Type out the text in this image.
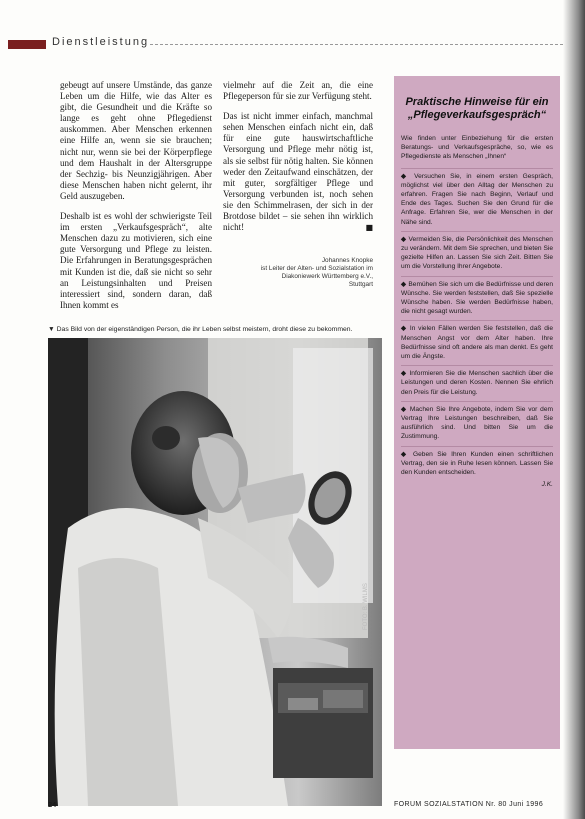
Dienstleistung

gebeugt auf unsere Umstände, das ganze Leben um die Hilfe, wie das Alter es gibt, die Gesundheit und die Kräfte so lange es geht ohne Pflegedienst auskommen. Aber Menschen erkennen eine Hilfe an, wenn sie sie brauchen; nicht nur, wenn sie bei der Körperpflege und dem Haushalt in der Altersgruppe der Sechzig- bis Neunzigjährigen. Aber diese Menschen haben nicht gelernt, ihr Geld auszugeben.

Deshalb ist es wohl der schwierigste Teil im ersten „Verkaufsgespräch“, alte Menschen dazu zu motivieren, sich eine gute Versorgung und Pflege zu leisten. Die Erfahrungen in Beratungsgesprächen mit Kunden ist die, daß sie nicht so sehr an Leistungsinhalten und Preisen interessiert sind, sondern daran, daß Ihnen kommt es

vielmehr auf die Zeit an, die eine Pflegeperson für sie zur Verfügung steht.

Das ist nicht immer einfach, manchmal sehen Menschen einfach nicht ein, daß für eine gute hauswirtschaftliche Versorgung und Pflege mehr nötig ist, als sie selbst für nötig halten. Sie können weder den Zeitaufwand einschätzen, der mit guter, sorgfältiger Pflege und Versorgung verbunden ist, noch sehen sie den Schimmelrasen, der sich in der Brotdose bildet – sie sehen ihn wirklich nicht!	■

Johannes Knopke
ist Leiter der Alten- und Sozialstation im
Diakoniewerk Württemberg e.V.,
Stuttgart
▼ Das Bild von der eigenständigen Person, die ihr Leben selbst meistern, droht diese zu bekommen.
FOTO: B. WILMS
Praktische Hinweise für ein „Pflegeverkaufsgespräch“

Wie finden unter Einbeziehung für die ersten Beratungs- und Verkaufsgespräche, so, wie es Pflegedienste als Menschen „Ihnen“

◆ Versuchen Sie, in einem ersten Gespräch, möglichst viel über den Alltag der Menschen zu erfahren. Fragen Sie nach Beginn, Verlauf und Ende des Tages. Suchen Sie den Grund für die Anfrage. Erfahren Sie, wer die Menschen in der Nähe sind.
◆ Vermeiden Sie, die Persönlichkeit des Menschen zu verändern. Mit dem Sie sprechen, und bieten Sie gezielte Hilfen an. Lassen Sie sich Zeit. Bitten Sie um die Vorstellung Ihrer Angebote.
◆ Bemühen Sie sich um die Bedürfnisse und deren Wünsche. Sie werden feststellen, daß Sie spezielle Wünsche haben. Sie werden Bedürfnisse haben, die nicht gesagt wurden.
◆ In vielen Fällen werden Sie feststellen, daß die Menschen Angst vor dem Alter haben. Ihre Bedürfnisse sind oft andere als man denkt. Es geht um die Ängste.
◆ Informieren Sie die Menschen sachlich über die Leistungen und deren Kosten. Nennen Sie ehrlich den Preis für die Leistung.
◆ Machen Sie Ihre Angebote, indem Sie vor dem Vertrag Ihre Leistungen beschreiben, daß Sie ausführlich sind. Und bitten Sie um die Zustimmung.
◆ Geben Sie Ihren Kunden einen schriftlichen Vertrag, den sie in Ruhe lesen können. Lassen Sie den Kunden entscheiden.
J.K.
24	FORUM SOZIALSTATION Nr. 80 Juni 1996
